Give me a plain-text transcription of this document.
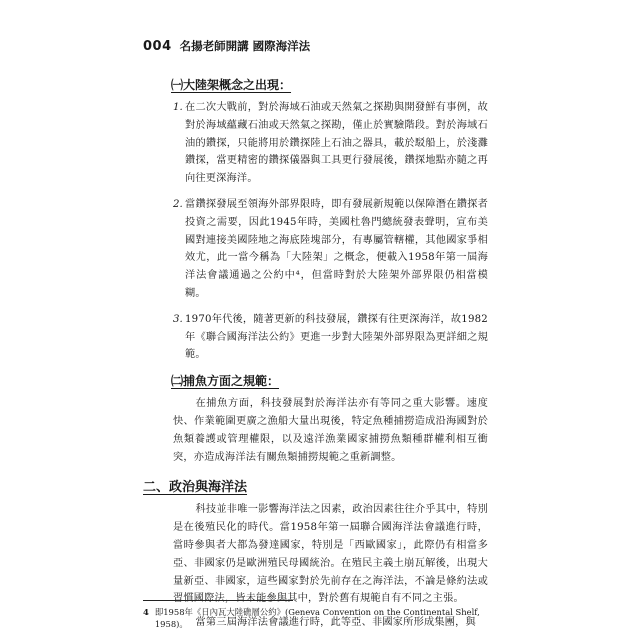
004 名揚老師開講 國際海洋法
㈠大陸架概念之出現：
1. 在二次大戰前，對於海域石油或天然氣之探勘與開發鮮有事例，故對於海域蘊藏石油或天然氣之探勘，僅止於實驗階段。對於海域石油的鑽探，只能將用於鑽探陸上石油之器具，載於駁船上，於淺灘鑽探，當更精密的鑽探儀器與工具更行發展後，鑽探地點亦隨之再向往更深海洋。
2. 當鑽探發展至領海外部界限時，即有發展新規範以保障潛在鑽探者投資之需要，因此1945年時，美國杜魯門總統發表聲明，宣布美國對連接美國陸地之海底陸塊部分，有專屬管轄權，其他國家爭相效尤，此一當今稱為「大陸架」之概念，便載入1958年第一屆海洋法會議通過之公約中⁴，但當時對於大陸架外部界限仍相當模糊。
3. 1970年代後，隨著更新的科技發展，鑽探有往更深海洋，故1982年《聯合國海洋法公約》更進一步對大陸架外部界限為更詳細之規範。
㈡捕魚方面之規範：

在捕魚方面，科技發展對於海洋法亦有等同之重大影響。速度快、作業範圍更廣之漁船大量出現後，特定魚種捕撈造成沿海國對於魚類養護或管理權限，以及遠洋漁業國家捕撈魚類種群權利相互衝突，亦造成海洋法有關魚類捕撈規範之重新調整。

二、政治與海洋法

科技並非唯一影響海洋法之因素，政治因素往往介乎其中，特別是在後殖民化的時代。當1958年第一屆聯合國海洋法會議進行時，當時參與者大都為發達國家，特別是「西歐國家」，此際仍有相當多亞、非國家仍是歐洲殖民母國統治。在殖民主義土崩瓦解後，出現大量新亞、非國家，這些國家對於先前存在之海洋法，不論是條約法或習慣國際法，皆未能參與其中，對於舊有規範自有不同之主張。

當第三屆海洋法會議進行時，此等亞、非國家所形成集團，與

4 即1958年《日內瓦大陸礁層公約》(Geneva Convention on the Continental Shelf, 1958)。
